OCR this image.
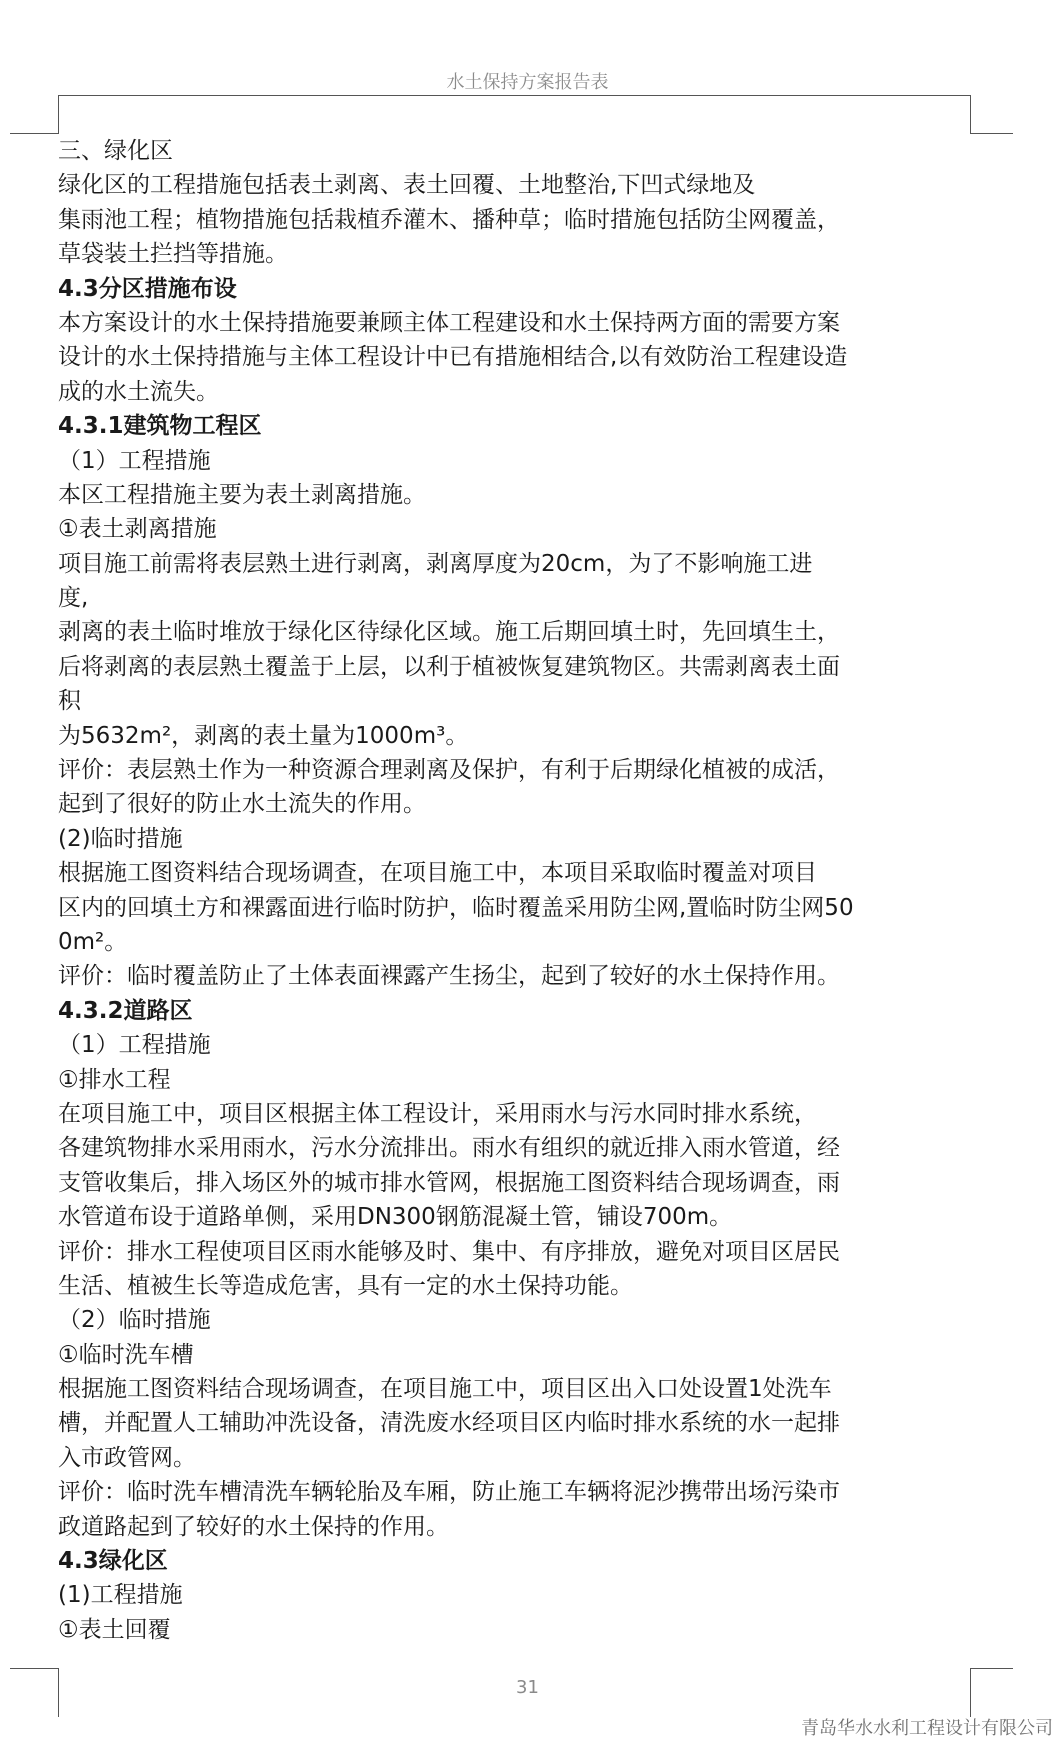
水土保持方案报告表
三、绿化区
绿化区的工程措施包括表土剥离、表土回覆、土地整治,下凹式绿地及
集雨池工程；植物措施包括栽植乔灌木、播种草；临时措施包括防尘网覆盖，
草袋装土拦挡等措施。
4.3分区措施布设
本方案设计的水土保持措施要兼顾主体工程建设和水土保持两方面的需要方案
设计的水土保持措施与主体工程设计中已有措施相结合,以有效防治工程建设造
成的水土流失。
4.3.1建筑物工程区
（1）工程措施
本区工程措施主要为表土剥离措施。
①表土剥离措施
项目施工前需将表层熟土进行剥离，剥离厚度为20cm，为了不影响施工进
度,
剥离的表土临时堆放于绿化区待绿化区域。施工后期回填土时，先回填生土，
后将剥离的表层熟土覆盖于上层，以利于植被恢复建筑物区。共需剥离表土面
积
为5632m²，剥离的表土量为1000m³。
评价：表层熟土作为一种资源合理剥离及保护，有利于后期绿化植被的成活，
起到了很好的防止水土流失的作用。
(2)临时措施
根据施工图资料结合现场调查，在项目施工中，本项目采取临时覆盖对项目
区内的回填土方和裸露面进行临时防护，临时覆盖采用防尘网,置临时防尘网50
0m²。
评价：临时覆盖防止了土体表面裸露产生扬尘，起到了较好的水土保持作用。
4.3.2道路区
（1）工程措施
①排水工程
在项目施工中，项目区根据主体工程设计，采用雨水与污水同时排水系统，
各建筑物排水采用雨水，污水分流排出。雨水有组织的就近排入雨水管道，经
支管收集后，排入场区外的城市排水管网，根据施工图资料结合现场调查，雨
水管道布设于道路单侧，采用DN300钢筋混凝土管，铺设700m。
评价：排水工程使项目区雨水能够及时、集中、有序排放，避免对项目区居民
生活、植被生长等造成危害，具有一定的水土保持功能。
（2）临时措施
①临时洗车槽
根据施工图资料结合现场调查，在项目施工中，项目区出入口处设置1处洗车
槽，并配置人工辅助冲洗设备，清洗废水经项目区内临时排水系统的水一起排
入市政管网。
评价：临时洗车槽清洗车辆轮胎及车厢，防止施工车辆将泥沙携带出场污染市
政道路起到了较好的水土保持的作用。
4.3绿化区
(1)工程措施
①表土回覆
31
青岛华水水利工程设计有限公司
